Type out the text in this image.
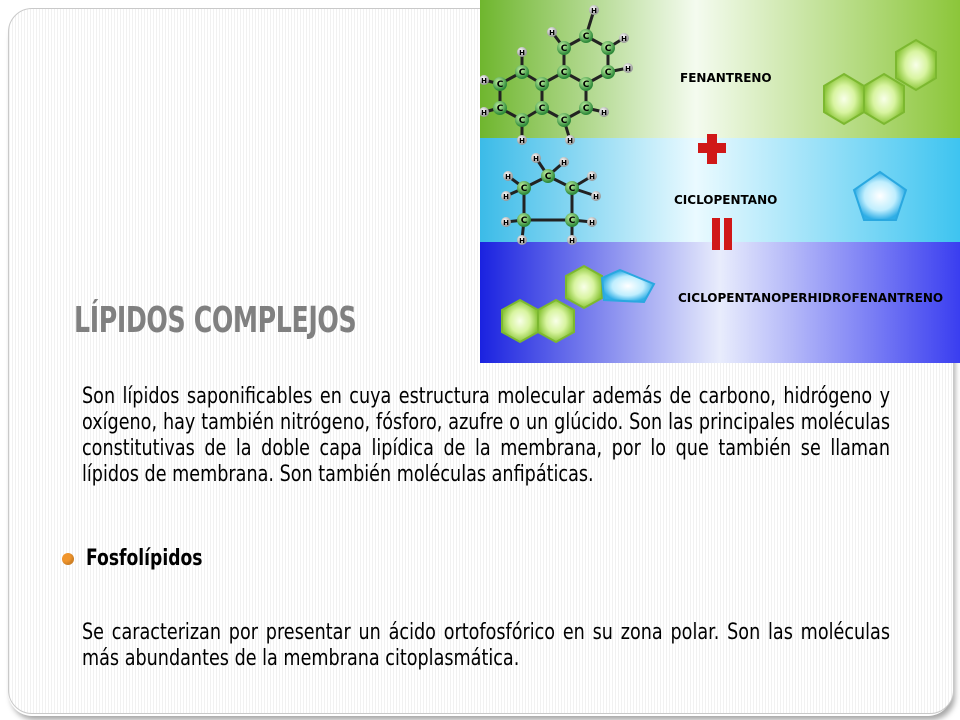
C
C
C
C
C
C
C
C
C
C
C
C
C
C
H
H
H
H	H
H
H
H
H
H
C
C
C
C
C
H	H
H
H
H
H
H
H
H
H
FENANTRENO
CICLOPENTANO
CICLOPENTANOPERHIDROFENANTRENO
LÍPIDOS COMPLEJOS
Son lípidos saponificables en cuya estructura molecular además de carbono, hidrógeno y oxígeno, hay también nitrógeno, fósforo, azufre o un glúcido. Son las principales moléculas constitutivas de la doble capa lipídica de la membrana, por lo que también se llaman lípidos de membrana. Son también moléculas anfipáticas.
Fosfolípidos
Se caracterizan por presentar un ácido ortofosfórico en su zona polar. Son las moléculas más abundantes de la membrana citoplasmática.
